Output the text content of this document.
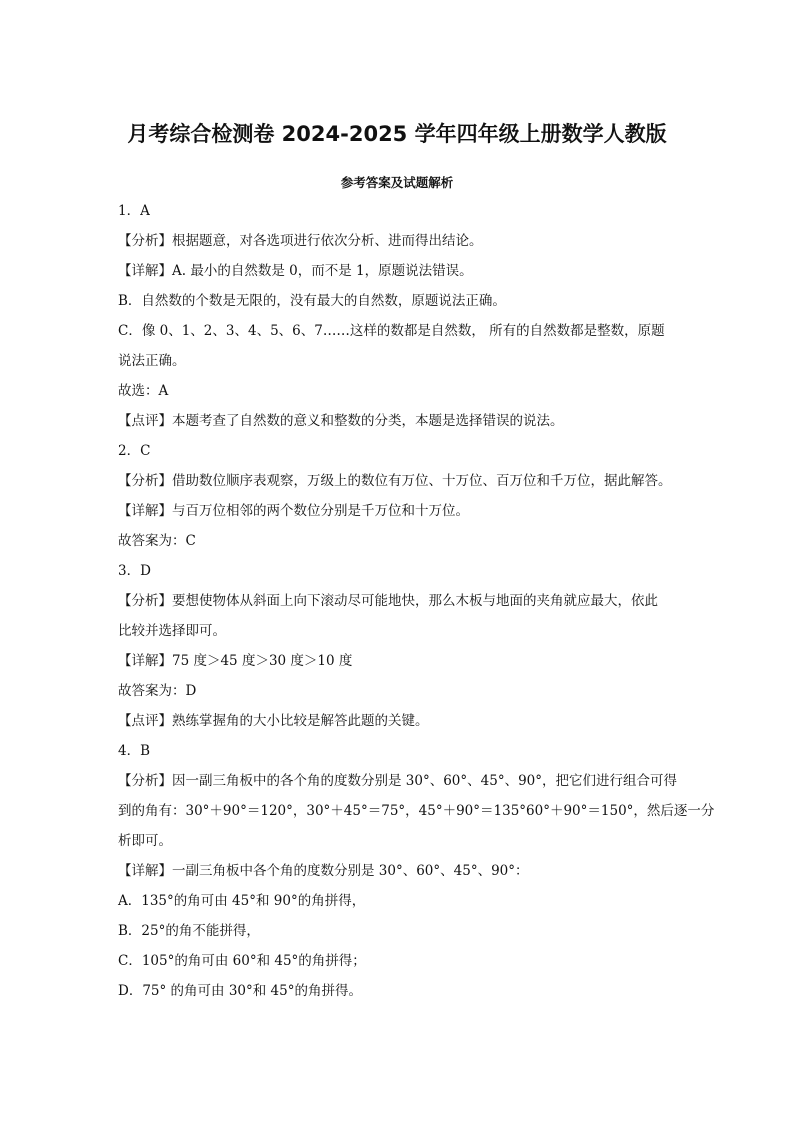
月考综合检测卷 2024-2025 学年四年级上册数学人教版
参考答案及试题解析
1．A
【分析】根据题意，对各选项进行依次分析、进而得出结论。
【详解】A. 最小的自然数是 0，而不是 1，原题说法错误。
B．自然数的个数是无限的，没有最大的自然数，原题说法正确。
C．像 0、1、2、3、4、5、6、7……这样的数都是自然数， 所有的自然数都是整数，原题
说法正确。
故选：A
【点评】本题考查了自然数的意义和整数的分类，本题是选择错误的说法。
2．C
【分析】借助数位顺序表观察，万级上的数位有万位、十万位、百万位和千万位，据此解答。
【详解】与百万位相邻的两个数位分别是千万位和十万位。
故答案为：C
3．D
【分析】要想使物体从斜面上向下滚动尽可能地快，那么木板与地面的夹角就应最大，依此
比较并选择即可。
【详解】75 度＞45 度＞30 度＞10 度
故答案为：D
【点评】熟练掌握角的大小比较是解答此题的关键。
4．B
【分析】因一副三角板中的各个角的度数分别是 30°、60°、45°、90°，把它们进行组合可得
到的角有：30°＋90°＝120°，30°＋45°＝75°，45°＋90°＝135°60°＋90°＝150°，然后逐一分
析即可。
【详解】一副三角板中各个角的度数分别是 30°、60°、45°、90°：
A．135°的角可由 45°和 90°的角拼得，
B．25°的角不能拼得，
C．105°的角可由 60°和 45°的角拼得；
D．75° 的角可由 30°和 45°的角拼得。
